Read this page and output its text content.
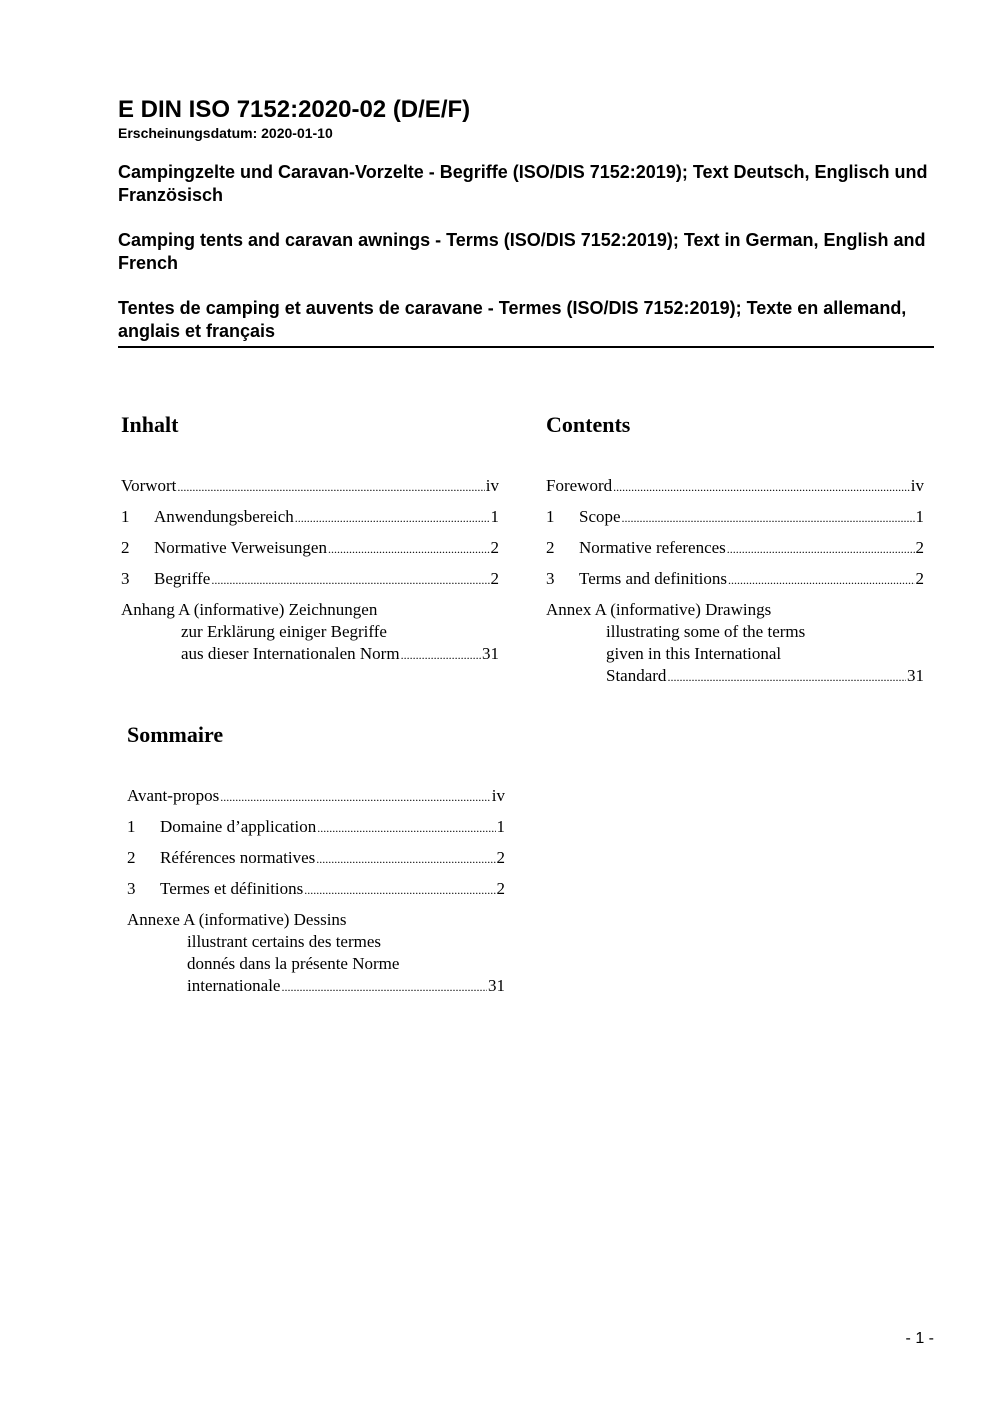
E DIN ISO 7152:2020-02 (D/E/F)

Erscheinungsdatum: 2020-01-10

Campingzelte und Caravan-Vorzelte - Begriffe (ISO/DIS 7152:2019); Text Deutsch, Englisch und Französisch

Camping tents and caravan awnings - Terms (ISO/DIS 7152:2019); Text in German, English and French

Tentes de camping et auvents de caravane - Termes (ISO/DIS 7152:2019); Texte en allemand, anglais et français

Inhalt
Vorwort .....	iv
1	Anwendungsbereich .....	1
2	Normative Verweisungen .....	2
3	Begriffe .....	2
Anhang A (informative) Zeichnungen
zur Erklärung einiger Begriffe
aus dieser Internationalen Norm .....	31
Contents
Foreword .....	iv
1	Scope .....	1
2	Normative references .....	2
3	Terms and definitions .....	2
Annex A (informative) Drawings
illustrating some of the terms
given in this International
Standard .....	31
Sommaire
Avant-propos .....	iv
1	Domaine d’application .....	1
2	Références normatives .....	2
3	Termes et définitions .....	2
Annexe A (informative) Dessins
illustrant certains des termes
donnés dans la présente Norme
internationale .....	31
- 1 -
